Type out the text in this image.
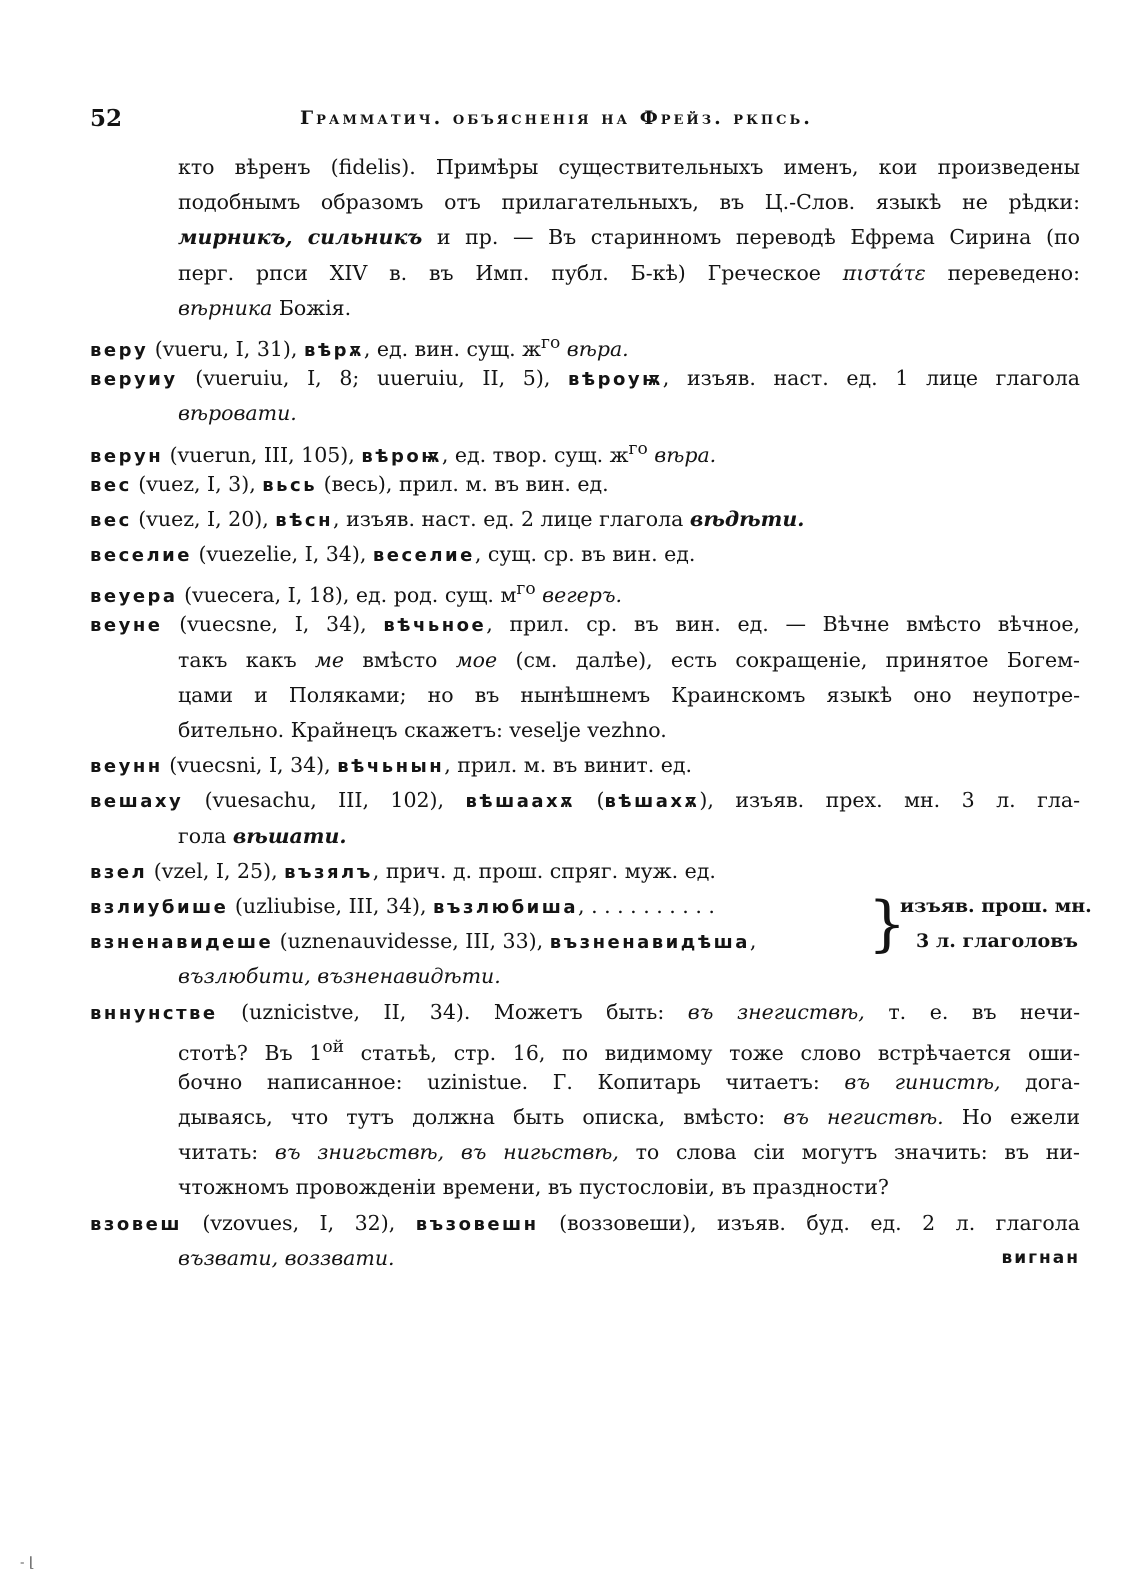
52	Грамматич. объясненія на Фрейз. ркпсь.
кто вѣренъ (fidelis). Примѣры существительныхъ именъ, кои произведены
подобнымъ образомъ отъ прилагательныхъ, въ Ц.-Слов. языкѣ не рѣдки:
мирникъ, сильникъ и пр. — Въ старинномъ переводѣ Ефрема Сирина (по
перг. рпси XIV в. въ Имп. публ. Б-кѣ) Греческое πιστάτε переведено:
вѣрника Божія.
веру (vueru, I, 31), вѣрѫ, ед. вин. сущ. $ж^{го}$ вѣра.
веруиу (vueruiu, I, 8; uueruiu, II, 5), вѣроуѭ, изъяв. наст. ед. 1 лице глагола
вѣровати.
верун (vuerun, III, 105), вѣроѭ, ед. твор. сущ. $ж^{го}$ вѣра.
вес (vuez, I, 3), вьсь (весь), прил. м. въ вин. ед.
вес (vuez, I, 20), вѣсн, изъяв. наст. ед. 2 лице глагола вѣдѣти.
веселие (vuezelie, I, 34), веселие, сущ. ср. въ вин. ед.
веуера (vuecera, I, 18), ед. род. сущ. $м^{го}$ вегеръ.
веуне (vuecsne, I, 34), вѣчьное, прил. ср. въ вин. ед. — Вѣчне вмѣсто вѣчное,
такъ какъ ме вмѣсто мое (см. далѣе), есть сокращеніе, принятое Богем-
цами и Поляками; но въ нынѣшнемъ Краинскомъ языкѣ оно неупотре-
бительно. Крайнецъ скажетъ: veselje vezhno.
веунн (vuecsni, I, 34), вѣчьнын, прил. м. въ винит. ед.
вешаху (vuesachu, III, 102), вѣшаахѫ (вѣшахѫ), изъяв. прех. мн. 3 л. гла-
гола вѣшати.
взел (vzel, I, 25), възялъ, прич. д. прош. спряг. муж. ед.
взлиубише (uzliubise, III, 34), възлюбиша, . . . . . . . . . .
взненавидеше (uznenauvidesse, III, 33), възненавидѣша, }
изъяв. прош. мн.
3 л. глаголовъ
възлюбити, възненавидѣти.
вннунстве (uznicistve, II, 34). Можетъ быть: въ знегиствѣ, т. е. въ нечи-
стотѣ? Въ $1^{ой}$ статьѣ, стр. 16, по видимому тоже слово встрѣчается оши-
бочно написанное: uzinistue. Г. Копитарь читаетъ: въ гинистѣ, дога-
дываясь, что тутъ должна быть описка, вмѣсто: въ негиствѣ. Но ежели
читать: въ знигьствѣ, въ нигьствѣ, то слова сіи могутъ значить: въ ни-
чтожномъ провожденіи времени, въ пустословіи, въ праздности?
взовеш (vzovues, I, 32), възовешн (воззовеши), изъяв. буд. ед. 2 л. глагола
възвати, воззвати.	вигнан
˗ ⌊
